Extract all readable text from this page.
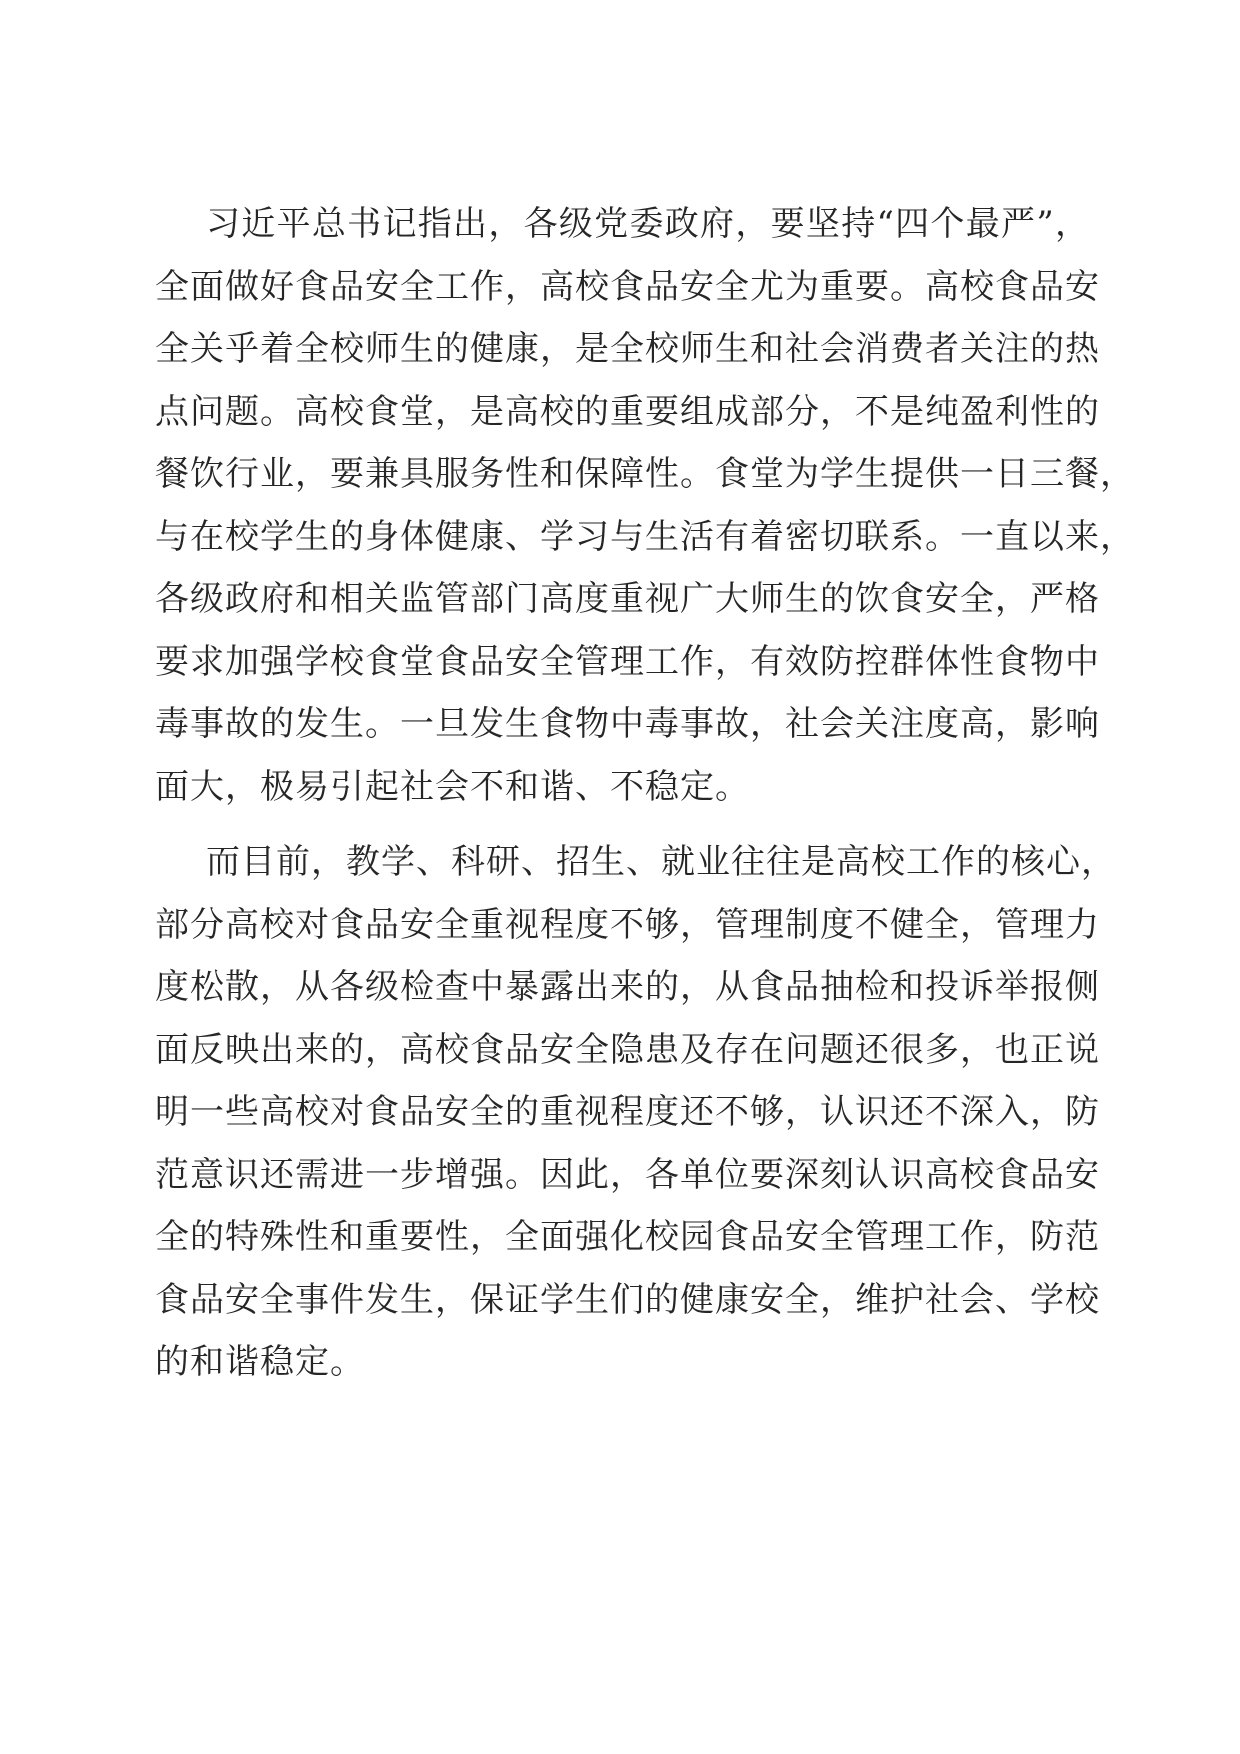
习近平总书记指出，各级党委政府，要坚持“四个最严”，
全面做好食品安全工作，高校食品安全尤为重要。高校食品安
全关乎着全校师生的健康，是全校师生和社会消费者关注的热
点问题。高校食堂，是高校的重要组成部分，不是纯盈利性的
餐饮行业，要兼具服务性和保障性。食堂为学生提供一日三餐，
与在校学生的身体健康、学习与生活有着密切联系。一直以来，
各级政府和相关监管部门高度重视广大师生的饮食安全，严格
要求加强学校食堂食品安全管理工作，有效防控群体性食物中
毒事故的发生。一旦发生食物中毒事故，社会关注度高，影响
面大，极易引起社会不和谐、不稳定。
而目前，教学、科研、招生、就业往往是高校工作的核心，
部分高校对食品安全重视程度不够，管理制度不健全，管理力
度松散，从各级检查中暴露出来的，从食品抽检和投诉举报侧
面反映出来的，高校食品安全隐患及存在问题还很多，也正说
明一些高校对食品安全的重视程度还不够，认识还不深入，防
范意识还需进一步增强。因此，各单位要深刻认识高校食品安
全的特殊性和重要性，全面强化校园食品安全管理工作，防范
食品安全事件发生，保证学生们的健康安全，维护社会、学校
的和谐稳定。
